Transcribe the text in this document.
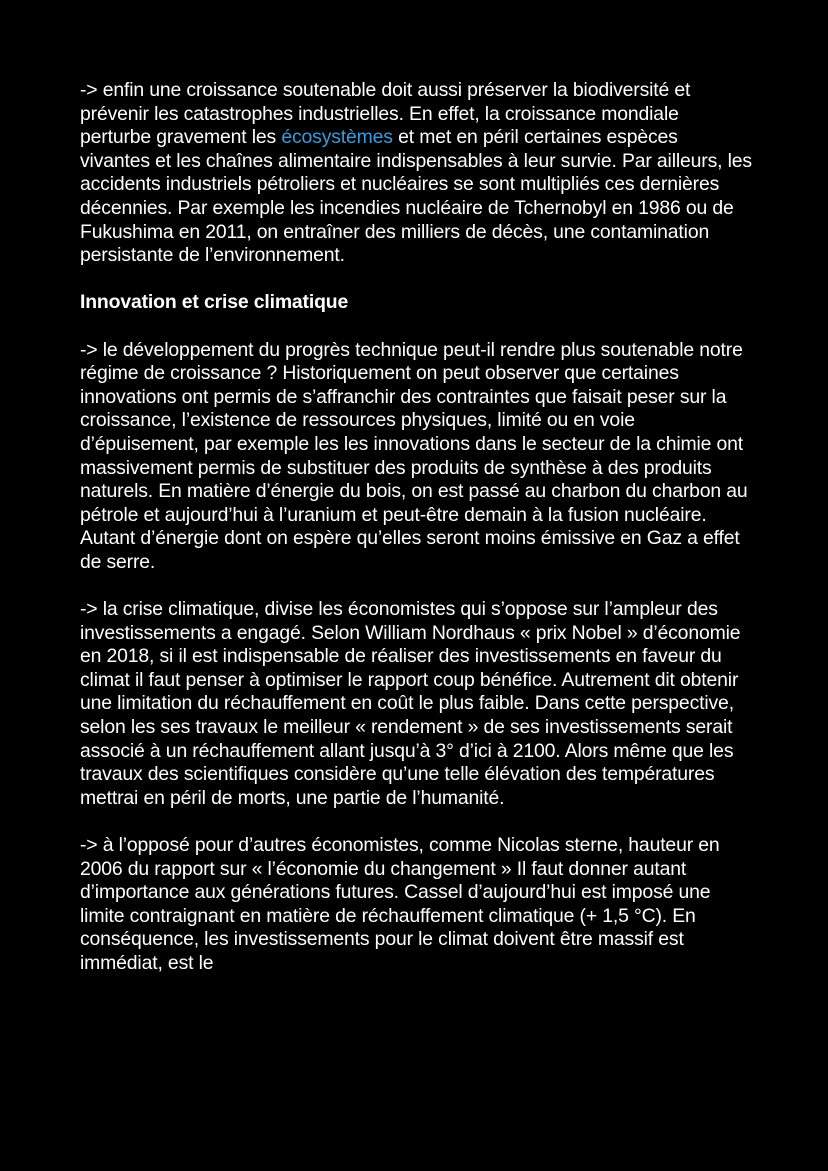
-> enfin une croissance soutenable doit aussi préserver la biodiversité et prévenir les catastrophes industrielles. En effet, la croissance mondiale perturbe gravement les écosystèmes et met en péril certaines espèces vivantes et les chaînes alimentaire indispensables à leur survie. Par ailleurs, les accidents industriels pétroliers et nucléaires se sont multipliés ces dernières décennies. Par exemple les incendies nucléaire de Tchernobyl en 1986 ou de Fukushima en 2011, on entraîner des milliers de décès, une contamination persistante de l’environnement.

Innovation et crise climatique

-> le développement du progrès technique peut-il rendre plus soutenable notre régime de croissance ? Historiquement on peut observer que certaines innovations ont permis de s’affranchir des contraintes que faisait peser sur la croissance, l’existence de ressources physiques, limité ou en voie d’épuisement, par exemple les les innovations dans le secteur de la chimie ont massivement permis de substituer des produits de synthèse à des produits naturels. En matière d’énergie du bois, on est passé au charbon du charbon au pétrole et aujourd’hui à l’uranium et peut-être demain à la fusion nucléaire. Autant d’énergie dont on espère qu’elles seront moins émissive en Gaz a effet de serre.

-> la crise climatique, divise les économistes qui s’oppose sur l’ampleur des investissements a engagé. Selon William Nordhaus « prix Nobel » d’économie en 2018, si il est indispensable de réaliser des investissements en faveur du climat il faut penser à optimiser le rapport coup bénéfice. Autrement dit obtenir une limitation du réchauffement en coût le plus faible. Dans cette perspective, selon les ses travaux le meilleur « rendement » de ses investissements serait associé à un réchauffement allant jusqu’à 3° d’ici à 2100. Alors même que les travaux des scientifiques considère qu’une telle élévation des températures mettrai en péril de morts, une partie de l’humanité.

-> à l’opposé pour d’autres économistes, comme Nicolas sterne, hauteur en 2006 du rapport sur « l’économie du changement » Il faut donner autant d’importance aux générations futures. Cassel d’aujourd’hui est imposé une limite contraignant en matière de réchauffement climatique (+ 1,5 °C). En conséquence, les investissements pour le climat doivent être massif est immédiat, est le
